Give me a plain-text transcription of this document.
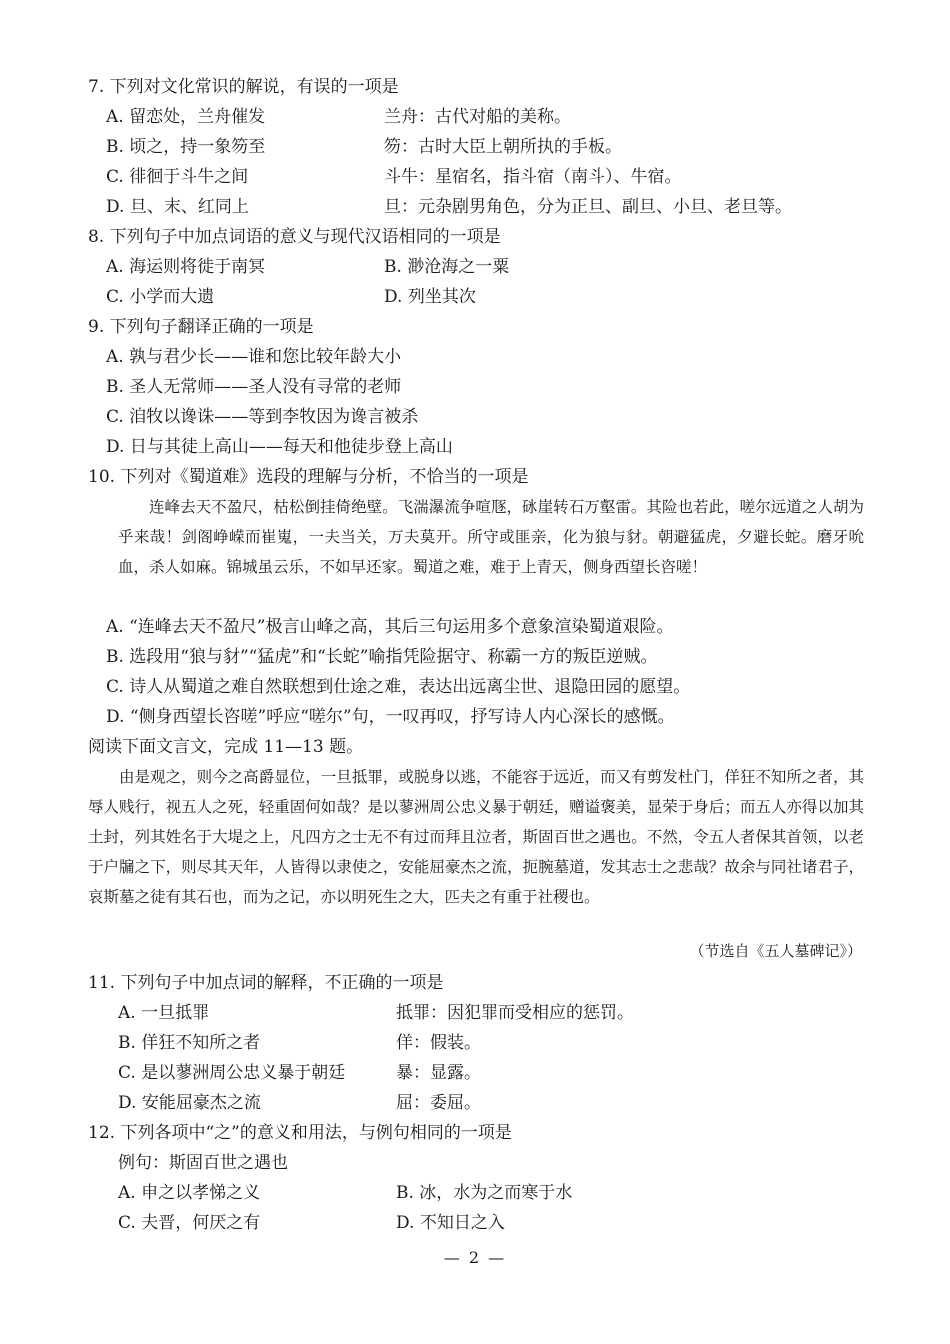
7. 下列对文化常识的解说，有误的一项是
A. 留恋处，兰舟催发	兰舟：古代对船的美称。
B. 顷之，持一象笏至	笏：古时大臣上朝所执的手板。
C. 徘徊于斗牛之间	斗牛：星宿名，指斗宿（南斗）、牛宿。
D. 旦、末、红同上	旦：元杂剧男角色，分为正旦、副旦、小旦、老旦等。
8. 下列句子中加点词语的意义与现代汉语相同的一项是
A. 海运则将徙于南冥	B. 渺沧海之一粟
C. 小学而大遗	D. 列坐其次
9. 下列句子翻译正确的一项是
A. 孰与君少长——谁和您比较年龄大小
B. 圣人无常师——圣人没有寻常的老师
C. 洎牧以谗诛——等到李牧因为谗言被杀
D. 日与其徒上高山——每天和他徒步登上高山
10. 下列对《蜀道难》选段的理解与分析，不恰当的一项是

连峰去天不盈尺，枯松倒挂倚绝壁。飞湍瀑流争喧豗，砯崖转石万壑雷。其险也若此，嗟尔远道之人胡为乎来哉！剑阁峥嵘而崔嵬，一夫当关，万夫莫开。所守或匪亲，化为狼与豺。朝避猛虎，夕避长蛇。磨牙吮血，杀人如麻。锦城虽云乐，不如早还家。蜀道之难，难于上青天，侧身西望长咨嗟！

A. “连峰去天不盈尺”极言山峰之高，其后三句运用多个意象渲染蜀道艰险。
B. 选段用“狼与豺”“猛虎”和“长蛇”喻指凭险据守、称霸一方的叛臣逆贼。
C. 诗人从蜀道之难自然联想到仕途之难，表达出远离尘世、退隐田园的愿望。
D. “侧身西望长咨嗟”呼应“嗟尔”句，一叹再叹，抒写诗人内心深长的感慨。
阅读下面文言文，完成 11—13 题。

由是观之，则今之高爵显位，一旦抵罪，或脱身以逃，不能容于远近，而又有剪发杜门，佯狂不知所之者，其辱人贱行，视五人之死，轻重固何如哉？是以蓼洲周公忠义暴于朝廷，赠谥褒美，显荣于身后；而五人亦得以加其土封，列其姓名于大堤之上，凡四方之士无不有过而拜且泣者，斯固百世之遇也。不然，令五人者保其首领，以老于户牖之下，则尽其天年，人皆得以隶使之，安能屈豪杰之流，扼腕墓道，发其志士之悲哉？故余与同社诸君子，哀斯墓之徒有其石也，而为之记，亦以明死生之大，匹夫之有重于社稷也。

（节选自《五人墓碑记》）
11. 下列句子中加点词的解释，不正确的一项是
A. 一旦抵罪	抵罪：因犯罪而受相应的惩罚。
B. 佯狂不知所之者	佯：假装。
C. 是以蓼洲周公忠义暴于朝廷	暴：显露。
D. 安能屈豪杰之流	屈：委屈。
12. 下列各项中“之”的意义和用法，与例句相同的一项是
例句：斯固百世之遇也
A. 申之以孝悌之义	B. 冰，水为之而寒于水
C. 夫晋，何厌之有	D. 不知日之入
— 2 —
